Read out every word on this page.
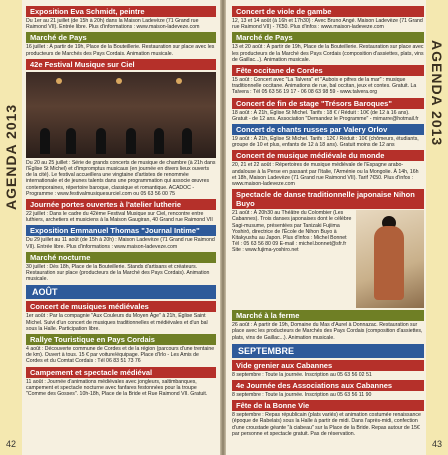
AGENDA 2013
Exposition Eva Schmidt, peintre
Du 1er au 21 juillet (de 15h à 20h) dans la Maison Ladevèze (71 Grand rue Raimond VII). Entrée libre. Plus d'informations : www.maison-ladeveze.com
Marché de Pays
16 juillet : À partir de 19h, Place de la Bouteillerie. Restauration sur place avec les producteurs de Marchés des Pays Cordais. Animation musicale.
42e Festival Musique sur Ciel
Du 20 au 25 juillet : Série de grands concerts de musique de chambre (à 21h dans l'Église St Michel) et d'impromptus musicaux (en journée en divers lieux ouverts de la cité). Le festival accueillera une vingtaine d'artistes de renommée internationale et de jeunes talents dans une programmation qui associe œuvres contemporaines, répertoire baroque, classique et romantique. ACADOC - Programme : www.festivalmusiquesurciel.com ou 05 63 56 00 75
Journée portes ouvertes à l'atelier lutherie
22 juillet : Dans le cadre du 42ème Festival Musique sur Ciel, rencontre entre luthiers, archetiers et musiciens à la Maison Gaugiran, 40 Grand rue Raimond VII
Exposition Emmanuel Thomas "Journal Intime"
Du 29 juillet au 11 août (de 15h à 20h) : Maison Ladevèze (71 Grand rue Raimond VII). Entrée libre. Plus d'informations : www.maison-ladeveze.com
Marché nocturne
30 juillet : Dès 18h, Place de la Bouteillerie. Stands d'artisans et créateurs. Restauration sur place (producteurs de la Marché des Pays Cordais). Animation musicale.
AOÛT
Concert de musiques médiévales
1er août : Par la compagnie "Aux Couleurs du Moyen Âge" à 21h, Église Saint Michel. Suivi d'un concert de musiques traditionnelles et médiévales et d'un bal sous la Halle. Participation libre.
Rallye Touristique en Pays Cordais
4 août : Découverte commune de Cordes et de la région (parcours d'une trentaine de km). Ouvert à tous. 15 € par voiture/équipage. Place d'Irlo - Les Amis de Cordes et du Comtat Cordais : Tél 06 83 51 73 76
Campement et spectacle médiéval
11 août : Journée d'animations médiévales avec jongleurs, saltimbanques, campement et spectacle nocturne avec fanfares festonnées pour la troupe "Comme des Gosses". 10h-18h, Place de la Bride et Rue Raimond VII. Gratuit.
42
AGENDA 2013
Concert de viole de gambe
12, 13 et 14 août (à 16h et 17h30) : Avec Bruno Angé. Maison Ladevèze (71 Grand rue Raimond VII) - 7€50. Plus d'infos : www.maison-ladeveze.com
Marché de Pays
13 et 20 août : À partir de 19h, Place de la Bouteillerie. Restauration sur place avec les producteurs de la Marché des Pays Cordais (composition d'assiettes, plats, vins de Gaillac...). Animation musicale.
Fête occitane de Cordes
15 août : Concert avec "La Talvera" et "Aubois e pifres de la mar" : musique traditionnelle occitane. Animations de rue, bal occitan, jeux et contes. Gratuit. La Talvera : Tél 05 63 56 19 17 - 06 08 63 98 59 - www.talvera.org
Concert de fin de stage "Trésors Baroques"
18 août : À 21h, Église St Michel. Tarifs : 18 € / Réduit : 10€ (de 12 à 16 ans). Gratuit - de 12 ans. Association "Demandez le Programme" - mimarre@hotmail.fr
Concert de chants russes par Valery Orlov
19 août : À 21h, Église St Michel. Tarifs : 12€ / Réduit : 10€ (chômeurs, étudiants, groupe de 10 et plus, enfants de 12 à 18 ans). Gratuit moins de 12 ans
Concert de musique médiévale du monde
20, 21 et 22 août : Répertoires de musique médiévale de l'Espagne arabo-andalouse à la Perse en passant par l'Italie, l'Arménie ou la Mongolie. À 14h, 16h et 18h, Maison Ladevèze (71 Grand rue Raimond VII). Tarif 7€50. Plus d'infos : www.maison-ladeveze.com
Spectacle de danse traditionnelle japonaise Nihon Buyo
21 août : À 20h30 au Théâtre du Colombier (Les Cabannes). Trois danses japonaises dont le célèbre Sagi-musume, présentées par Tanizaki Fujiima Yoshirō, directrice de l'École de Nihon Buyo à Kitakyushu au Japon. Plus d'infos : Michel Bonnet Tél : 05 63 56 80 09 E-mail : michel.bonnet@sfr.fr Site : www.fujima-yoshiro.net
Marché à la ferme
26 août : À partir de 19h, Domaine du Mas d'Aurel à Donnazac. Restauration sur place avec les producteurs de Marchés des Pays Cordais (composition d'assiettes, plats, vins de Gaillac...). Animation musicale.
SEPTEMBRE
Vide grenier aux Cabannes
8 septembre : Toute la journée. Inscription au 05 63 56 02 51
4e Journée des Associations aux Cabannes
8 septembre : Toute la journée. Inscription au 05 63 56 11 90
Fête de la Bonne Vie
8 septembre : Repas républicain (plats variés) et animation costumée renaissance (époque de Rabelais) sous la Halle à partir de midi. Dans l'après-midi, confection d'une croustade géante "à ciabeau" sur la Place de la Bride. Repas autour de 15€ par personne et spectacle gratuit. Pas de réservation.
43
